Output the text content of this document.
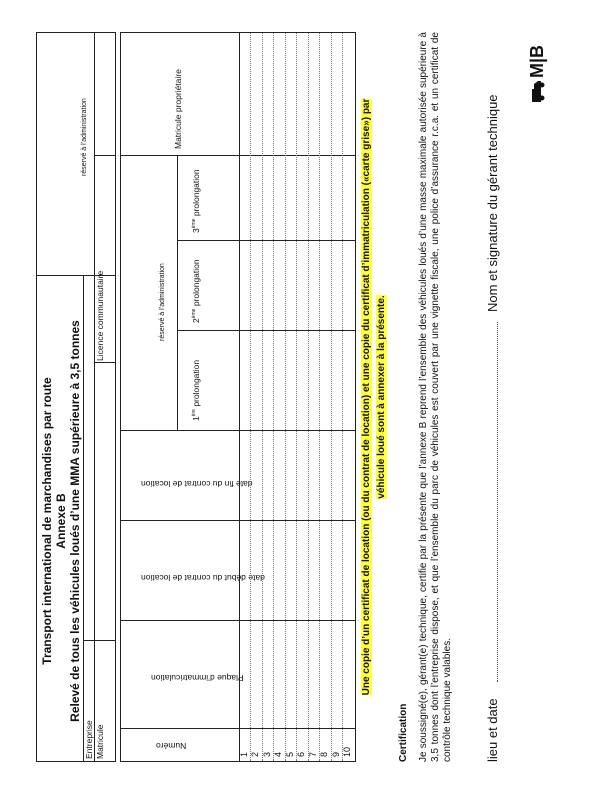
Transport international de marchandises par route Annexe B Relevé de tous les véhicules loués d’une MMA supérieure à 3,5 tonnes
réservé à l’administration
Entreprise Matricule
Licence communautaire
Numéro
Plaque d’immatriculation
date début du contrat de location
date fin du contrat de location
réservé à l’administration
1ère prolongation
2ème prolongation
3ème prolongation
Matricule propriétaire
1 2 3 4 5 6 7 8 9 10
Une copie d’un certificat de location (ou du contrat de location) et une copie du certificat d’immatriculation («carte grise») par véhicule loué sont à annexer à la présente.
Certification Je soussigné(e), gérant(e) technique, certifie par la présente que l’annexe B reprend l’ensemble des véhicules loués d’une masse maximale autorisée supérieure à 3,5 tonnes dont l’entreprise dispose, et que l’ensemble du parc de véhicules est couvert par une vignette fiscale, une police d’assurance r.c.a. et un certificat de contrôle technique valables. lieu et date
Nom et signature du gérant technique
M|B
